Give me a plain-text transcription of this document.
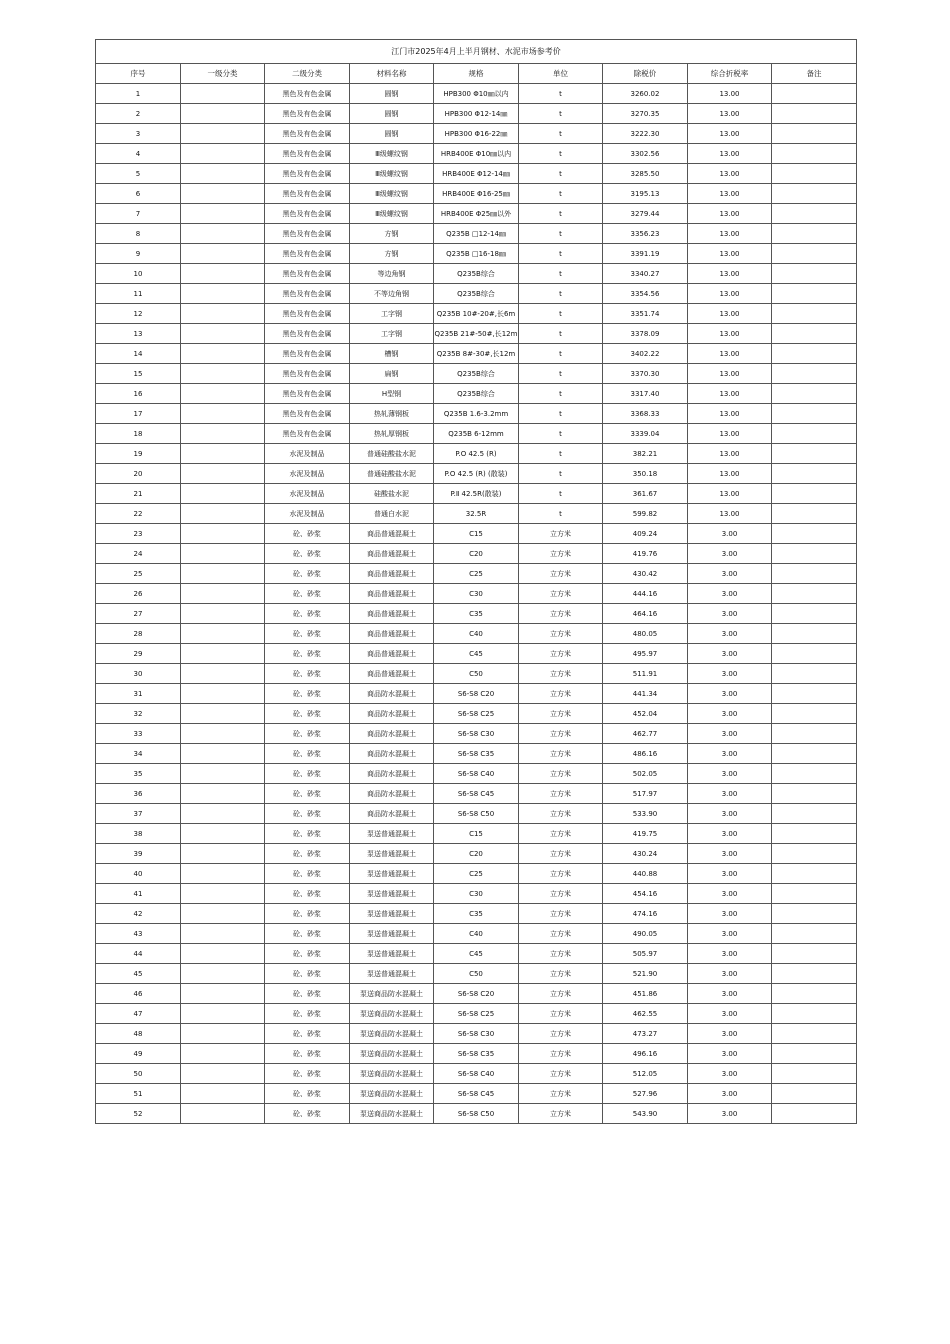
江门市2025年4月上半月钢材、水泥市场参考价								
序号	一级分类	二级分类	材料名称	规格	单位	除税价	综合折税率	备注
1		黑色及有色金属	圆钢	HPB300 Φ10㎜以内	t	3260.02	13.00	
2		黑色及有色金属	圆钢	HPB300 Φ12-14㎜	t	3270.35	13.00	
3		黑色及有色金属	圆钢	HPB300 Φ16-22㎜	t	3222.30	13.00	
4		黑色及有色金属	Ⅲ级螺纹钢	HRB400E Φ10㎜以内	t	3302.56	13.00	
5		黑色及有色金属	Ⅲ级螺纹钢	HRB400E Φ12-14㎜	t	3285.50	13.00	
6		黑色及有色金属	Ⅲ级螺纹钢	HRB400E Φ16-25㎜	t	3195.13	13.00	
7		黑色及有色金属	Ⅲ级螺纹钢	HRB400E Φ25㎜以外	t	3279.44	13.00	
8		黑色及有色金属	方钢	Q235B □12-14㎜	t	3356.23	13.00	
9		黑色及有色金属	方钢	Q235B □16-18㎜	t	3391.19	13.00	
10		黑色及有色金属	等边角钢	Q235B综合	t	3340.27	13.00	
11		黑色及有色金属	不等边角钢	Q235B综合	t	3354.56	13.00	
12		黑色及有色金属	工字钢	Q235B 10#-20#,长6m	t	3351.74	13.00	
13		黑色及有色金属	工字钢	Q235B 21#-50#,长12m	t	3378.09	13.00	
14		黑色及有色金属	槽钢	Q235B 8#-30#,长12m	t	3402.22	13.00	
15		黑色及有色金属	扁钢	Q235B综合	t	3370.30	13.00	
16		黑色及有色金属	H型钢	Q235B综合	t	3317.40	13.00	
17		黑色及有色金属	热轧薄钢板	Q235B 1.6-3.2mm	t	3368.33	13.00	
18		黑色及有色金属	热轧厚钢板	Q235B 6-12mm	t	3339.04	13.00	
19		水泥及制品	普通硅酸盐水泥	P.O 42.5 (R)	t	382.21	13.00	
20		水泥及制品	普通硅酸盐水泥	P.O 42.5 (R) (散装)	t	350.18	13.00	
21		水泥及制品	硅酸盐水泥	P.Ⅱ 42.5R(散装)	t	361.67	13.00	
22		水泥及制品	普通白水泥	32.5R	t	599.82	13.00	
23		砼、砂浆	商品普通混凝土	C15	立方米	409.24	3.00	
24		砼、砂浆	商品普通混凝土	C20	立方米	419.76	3.00	
25		砼、砂浆	商品普通混凝土	C25	立方米	430.42	3.00	
26		砼、砂浆	商品普通混凝土	C30	立方米	444.16	3.00	
27		砼、砂浆	商品普通混凝土	C35	立方米	464.16	3.00	
28		砼、砂浆	商品普通混凝土	C40	立方米	480.05	3.00	
29		砼、砂浆	商品普通混凝土	C45	立方米	495.97	3.00	
30		砼、砂浆	商品普通混凝土	C50	立方米	511.91	3.00	
31		砼、砂浆	商品防水混凝土	S6-S8 C20	立方米	441.34	3.00	
32		砼、砂浆	商品防水混凝土	S6-S8 C25	立方米	452.04	3.00	
33		砼、砂浆	商品防水混凝土	S6-S8 C30	立方米	462.77	3.00	
34		砼、砂浆	商品防水混凝土	S6-S8 C35	立方米	486.16	3.00	
35		砼、砂浆	商品防水混凝土	S6-S8 C40	立方米	502.05	3.00	
36		砼、砂浆	商品防水混凝土	S6-S8 C45	立方米	517.97	3.00	
37		砼、砂浆	商品防水混凝土	S6-S8 C50	立方米	533.90	3.00	
38		砼、砂浆	泵送普通混凝土	C15	立方米	419.75	3.00	
39		砼、砂浆	泵送普通混凝土	C20	立方米	430.24	3.00	
40		砼、砂浆	泵送普通混凝土	C25	立方米	440.88	3.00	
41		砼、砂浆	泵送普通混凝土	C30	立方米	454.16	3.00	
42		砼、砂浆	泵送普通混凝土	C35	立方米	474.16	3.00	
43		砼、砂浆	泵送普通混凝土	C40	立方米	490.05	3.00	
44		砼、砂浆	泵送普通混凝土	C45	立方米	505.97	3.00	
45		砼、砂浆	泵送普通混凝土	C50	立方米	521.90	3.00	
46		砼、砂浆	泵送商品防水混凝土	S6-S8 C20	立方米	451.86	3.00	
47		砼、砂浆	泵送商品防水混凝土	S6-S8 C25	立方米	462.55	3.00	
48		砼、砂浆	泵送商品防水混凝土	S6-S8 C30	立方米	473.27	3.00	
49		砼、砂浆	泵送商品防水混凝土	S6-S8 C35	立方米	496.16	3.00	
50		砼、砂浆	泵送商品防水混凝土	S6-S8 C40	立方米	512.05	3.00	
51		砼、砂浆	泵送商品防水混凝土	S6-S8 C45	立方米	527.96	3.00	
52		砼、砂浆	泵送商品防水混凝土	S6-S8 C50	立方米	543.90	3.00	
